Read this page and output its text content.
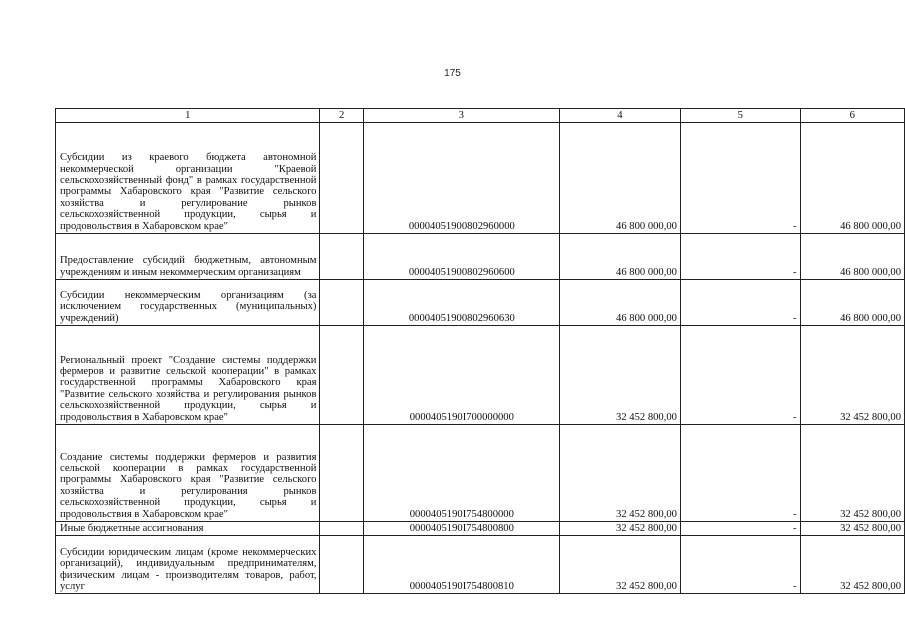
175
1	2	3	4	5	6
Субсидии из краевого бюджета автономной некоммерческой организации "Краевой сельскохозяйственный фонд" в рамках государственной программы Хабаровского края "Развитие сельского хозяйства и регулирование рынков сельскохозяйственной продукции, сырья и продовольствия в Хабаровском крае"		00004051900802960000	46 800 000,00	-	46 800 000,00
Предоставление субсидий бюджетным, автономным учреждениям и иным некоммерческим организациям		00004051900802960600	46 800 000,00	-	46 800 000,00
Субсидии некоммерческим организациям (за исключением государственных (муниципальных) учреждений)		00004051900802960630	46 800 000,00	-	46 800 000,00
Региональный проект "Создание системы поддержки фермеров и развитие сельской кооперации" в рамках государственной программы Хабаровского края "Развитие сельского хозяйства и регулирования рынков сельскохозяйственной продукции, сырья и продовольствия в Хабаровском крае"		0000405190I700000000	32 452 800,00	-	32 452 800,00
Создание системы поддержки фермеров и развития сельской кооперации в рамках государственной программы Хабаровского края "Развитие сельского хозяйства и регулирования рынков сельскохозяйственной продукции, сырья и продовольствия в Хабаровском крае"		0000405190I754800000	32 452 800,00	-	32 452 800,00
Иные бюджетные ассигнования		0000405190I754800800	32 452 800,00	-	32 452 800,00
Субсидии юридическим лицам (кроме некоммерческих организаций), индивидуальным предпринимателям, физическим лицам - производителям товаров, работ, услуг		0000405190I754800810	32 452 800,00	-	32 452 800,00
